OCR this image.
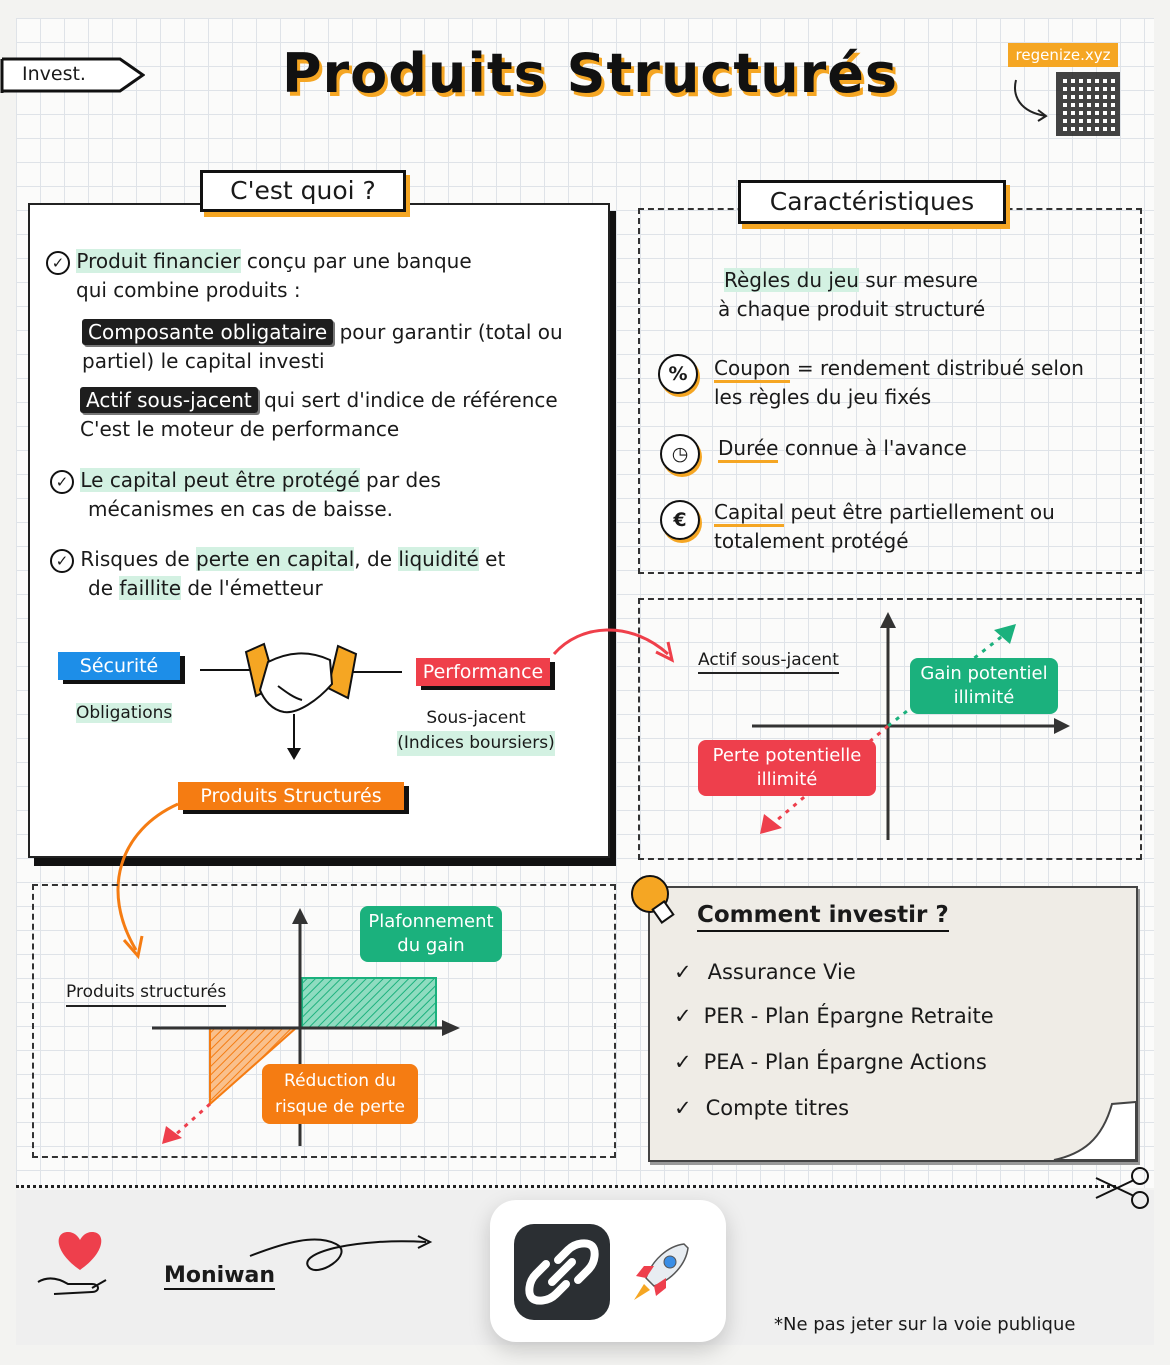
Invest.	Produits Structurés	regenize.xyz
C'est quoi ?
✓ Produit financier conçu par une banque
qui combine produits :
Composante obligataire pour garantir (total ou
partiel) le capital investi
Actif sous-jacent qui sert d'indice de référence
C'est le moteur de performance
✓ Le capital peut être protégé par des
mécanismes en cas de baisse.
✓ Risques de perte en capital, de liquidité et
de faillite de l'émetteur
Sécurité
Obligations
Performance
Sous-jacent
(Indices boursiers)
Produits Structurés
Caractéristiques
Règles du jeu sur mesure
à chaque produit structuré
%	Coupon = rendement distribué selon
les règles du jeu fixés
◷	Durée connue à l'avance
€	Capital peut être partiellement ou
totalement protégé
Actif sous-jacent
Gain potentiel
illimité
Perte potentielle
illimité
Produits structurés
Plafonnement
du gain
Réduction du
risque de perte
Comment investir ?
✓ Assurance Vie
✓ PER - Plan Épargne Retraite
✓ PEA - Plan Épargne Actions
✓ Compte titres
Moniwan
*Ne pas jeter sur la voie publique
